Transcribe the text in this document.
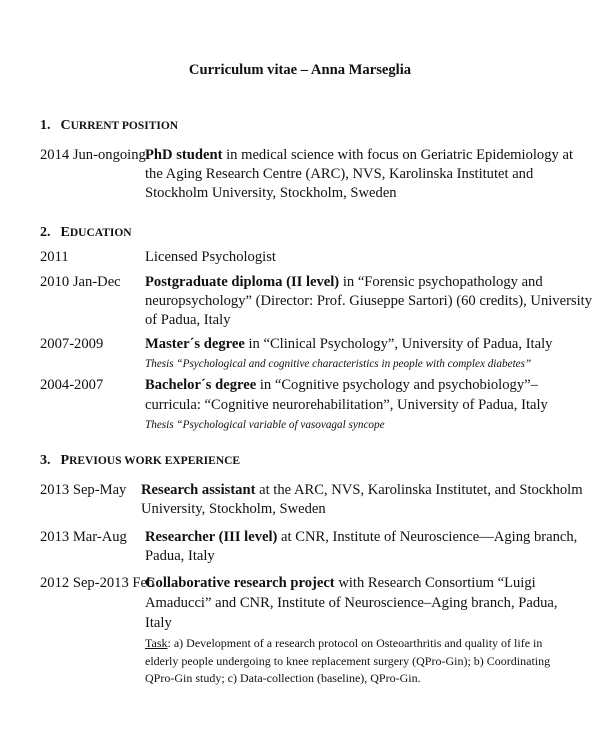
Curriculum vitae – Anna Marseglia
1. CURRENT POSITION
2. EDUCATION
3. PREVIOUS WORK EXPERIENCE
2014 Jun-ongoing PhD student in medical science with focus on Geriatric Epidemiology at
the Aging Research Centre (ARC), NVS, Karolinska Institutet and
Stockholm University, Stockholm, Sweden
2011	Licensed Psychologist
2010 Jan-Dec Postgraduate diploma (II level) in “Forensic psychopathology and
neuropsychology” (Director: Prof. Giuseppe Sartori) (60 credits), University
of Padua, Italy
2007-2009	Master´s degree in “Clinical Psychology”, University of Padua, Italy
Thesis “Psychological and cognitive characteristics in people with complex diabetes”
2004-2007	Bachelor´s degree in “Cognitive psychology and psychobiology”–
curricula: “Cognitive neurorehabilitation”, University of Padua, Italy
Thesis “Psychological variable of vasovagal syncope
2013 Sep-May Research assistant at the ARC, NVS, Karolinska Institutet, and Stockholm
University, Stockholm, Sweden
2013 Mar-Aug Researcher (III level) at CNR, Institute of Neuroscience—Aging branch,
Padua, Italy
2012 Sep-2013 Feb
Collaborative research project with Research Consortium “Luigi
Amaducci” and CNR, Institute of Neuroscience–Aging branch, Padua,
Italy
Task: a) Development of a research protocol on Osteoarthritis and quality of life in
elderly people undergoing to knee replacement surgery (QPro-Gin); b) Coordinating
QPro-Gin study; c) Data-collection (baseline), QPro-Gin.
